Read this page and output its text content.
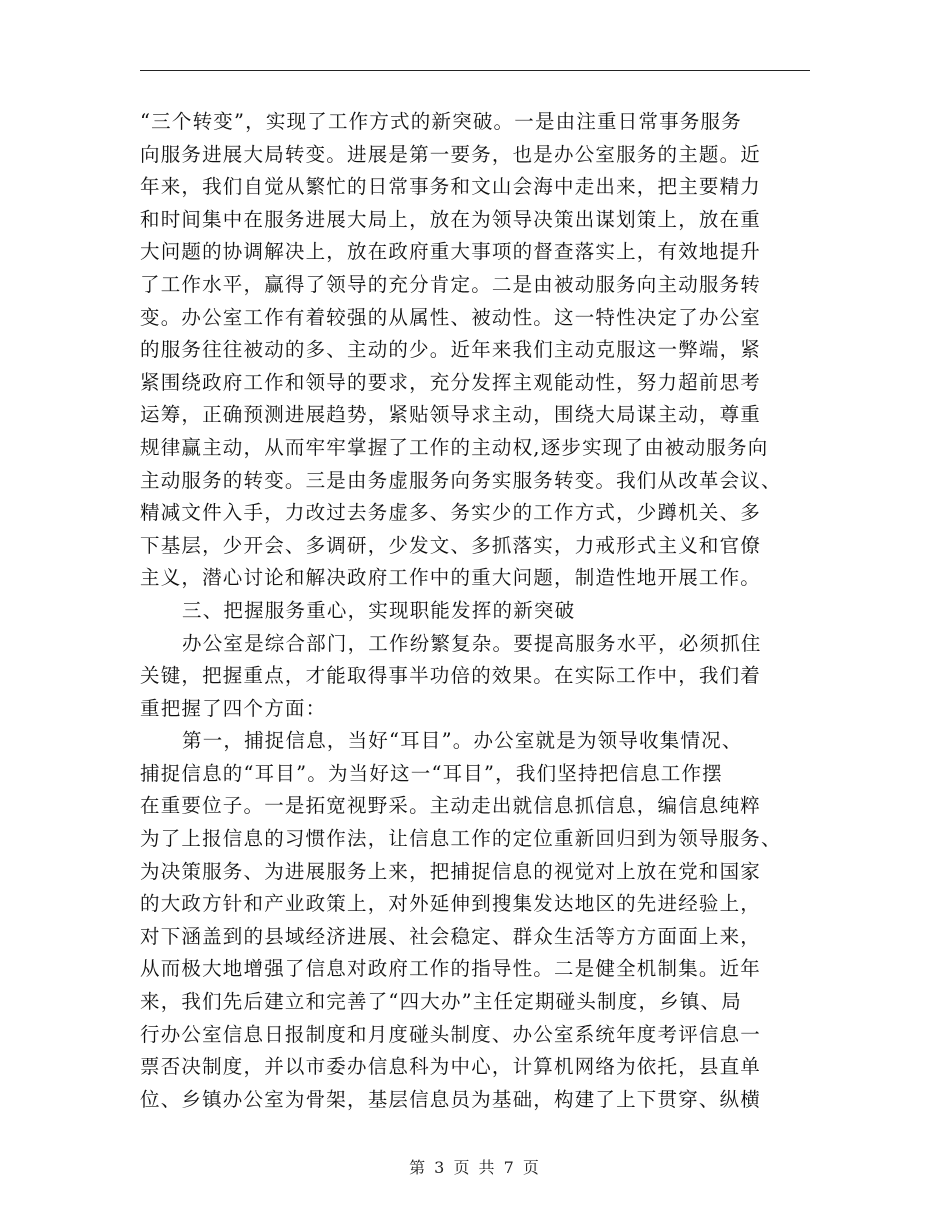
“三个转变”，实现了工作方式的新突破。一是由注重日常事务服务
向服务进展大局转变。进展是第一要务，也是办公室服务的主题。近
年来，我们自觉从繁忙的日常事务和文山会海中走出来，把主要精力
和时间集中在服务进展大局上，放在为领导决策出谋划策上，放在重
大问题的协调解决上，放在政府重大事项的督查落实上，有效地提升
了工作水平，赢得了领导的充分肯定。二是由被动服务向主动服务转
变。办公室工作有着较强的从属性、被动性。这一特性决定了办公室
的服务往往被动的多、主动的少。近年来我们主动克服这一弊端，紧
紧围绕政府工作和领导的要求，充分发挥主观能动性，努力超前思考
运筹，正确预测进展趋势，紧贴领导求主动，围绕大局谋主动，尊重
规律赢主动，从而牢牢掌握了工作的主动权,逐步实现了由被动服务向
主动服务的转变。三是由务虚服务向务实服务转变。我们从改革会议、
精减文件入手，力改过去务虚多、务实少的工作方式，少蹲机关、多
下基层，少开会、多调研，少发文、多抓落实，力戒形式主义和官僚
主义，潜心讨论和解决政府工作中的重大问题，制造性地开展工作。
三、把握服务重心，实现职能发挥的新突破
办公室是综合部门，工作纷繁复杂。要提高服务水平，必须抓住
关键，把握重点，才能取得事半功倍的效果。在实际工作中，我们着
重把握了四个方面：
第一，捕捉信息，当好“耳目”。办公室就是为领导收集情况、
捕捉信息的“耳目”。为当好这一“耳目”，我们坚持把信息工作摆
在重要位子。一是拓宽视野采。主动走出就信息抓信息，编信息纯粹
为了上报信息的习惯作法，让信息工作的定位重新回归到为领导服务、
为决策服务、为进展服务上来，把捕捉信息的视觉对上放在党和国家
的大政方针和产业政策上，对外延伸到搜集发达地区的先进经验上，
对下涵盖到的县域经济进展、社会稳定、群众生活等方方面面上来，
从而极大地增强了信息对政府工作的指导性。二是健全机制集。近年
来，我们先后建立和完善了“四大办”主任定期碰头制度，乡镇、局
行办公室信息日报制度和月度碰头制度、办公室系统年度考评信息一
票否决制度，并以市委办信息科为中心，计算机网络为依托，县直单
位、乡镇办公室为骨架，基层信息员为基础，构建了上下贯穿、纵横
第 3 页 共 7 页
